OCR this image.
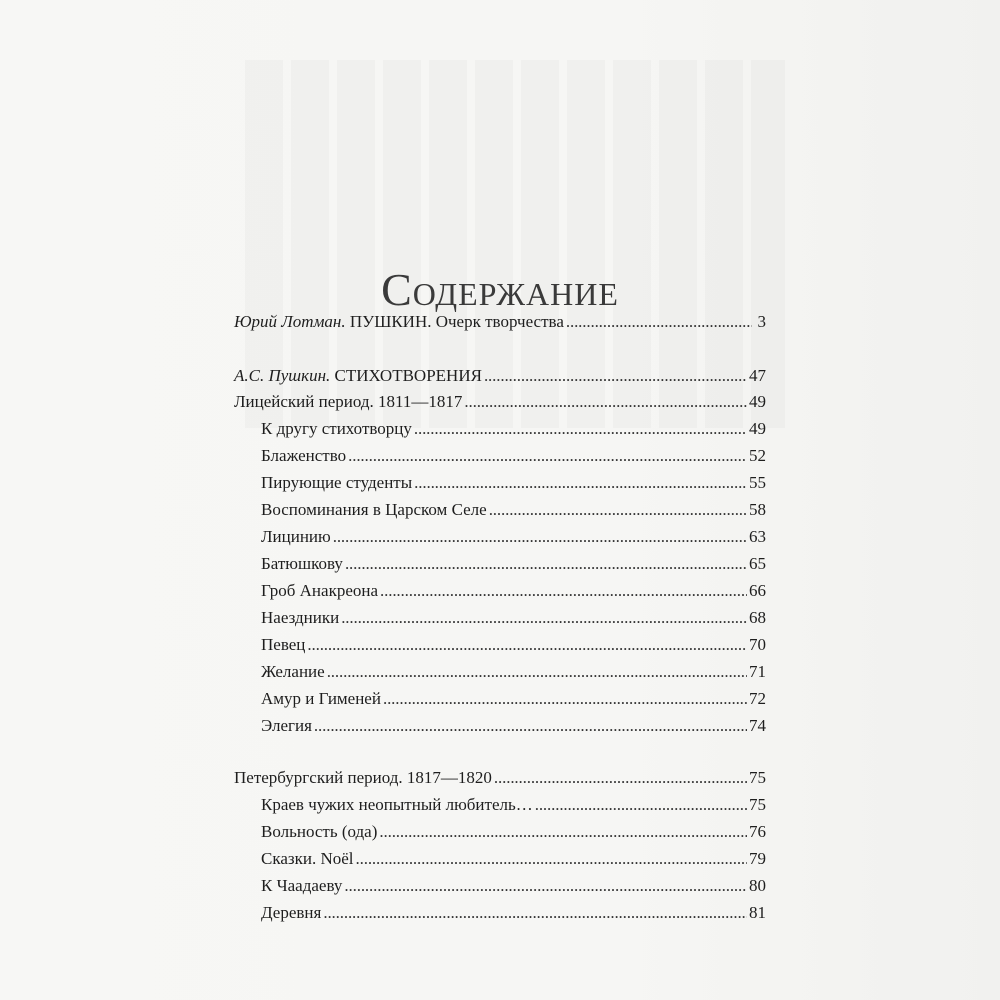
Содержание
Юрий Лотман. ПУШКИН. Очерк творчества . . .	3
А.С. Пушкин. СТИХОТВОРЕНИЯ . . .	47
Лицейский период. 1811—1817 . . .	49
К другу стихотворцу . . .	49
Блаженство . . .	52
Пирующие студенты . . .	55
Воспоминания в Царском Селе . . .	58
Лицинию . . .	63
Батюшкову . . .	65
Гроб Анакреона . . .	66
Наездники . . .	68
Певец . . .	70
Желание . . .	71
Амур и Гименей . . .	72
Элегия . . .	74
Петербургский период. 1817—1820 . . .	75
Краев чужих неопытный любитель… . . .	75
Вольность (ода) . . .	76
Сказки. Noёl . . .	79
К Чаадаеву . . .	80
Деревня . . .	81
